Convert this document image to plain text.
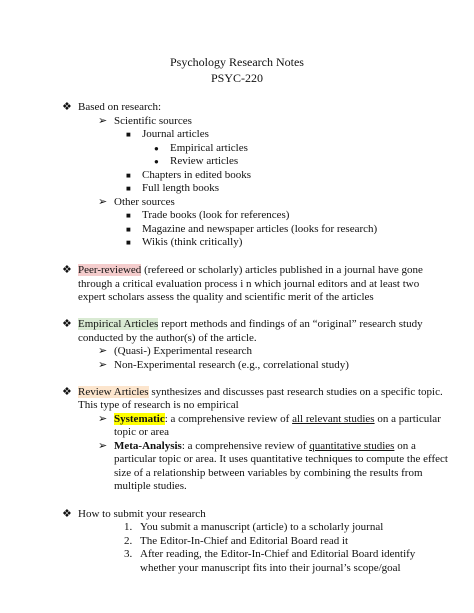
Psychology Research Notes
PSYC-220
❖ Based on research:
➢ Scientific sources
■ Journal articles
● Empirical articles
● Review articles
■ Chapters in edited books
■ Full length books
➢ Other sources
■ Trade books (look for references)
■ Magazine and newspaper articles (looks for research)
■ Wikis (think critically)
❖ Peer-reviewed (refereed or scholarly) articles published in a journal have gone
through a critical evaluation process i n which journal editors and at least two
expert scholars assess the quality and scientific merit of the articles
❖ Empirical Articles report methods and findings of an “original” research study
conducted by the author(s) of the article.
➢ (Quasi-) Experimental research
➢ Non-Experimental research (e.g., correlational study)
❖ Review Articles synthesizes and discusses past research studies on a specific topic.
This type of research is no empirical
➢ Systematic: a comprehensive review of all relevant studies on a particular
topic or area
➢ Meta-Analysis: a comprehensive review of quantitative studies on a
particular topic or area. It uses quantitative techniques to compute the effect
size of a relationship between variables by combining the results from
multiple studies.
❖ How to submit your research
1. You submit a manuscript (article) to a scholarly journal
2. The Editor-In-Chief and Editorial Board read it
3. After reading, the Editor-In-Chief and Editorial Board identify
whether your manuscript fits into their journal’s scope/goal
